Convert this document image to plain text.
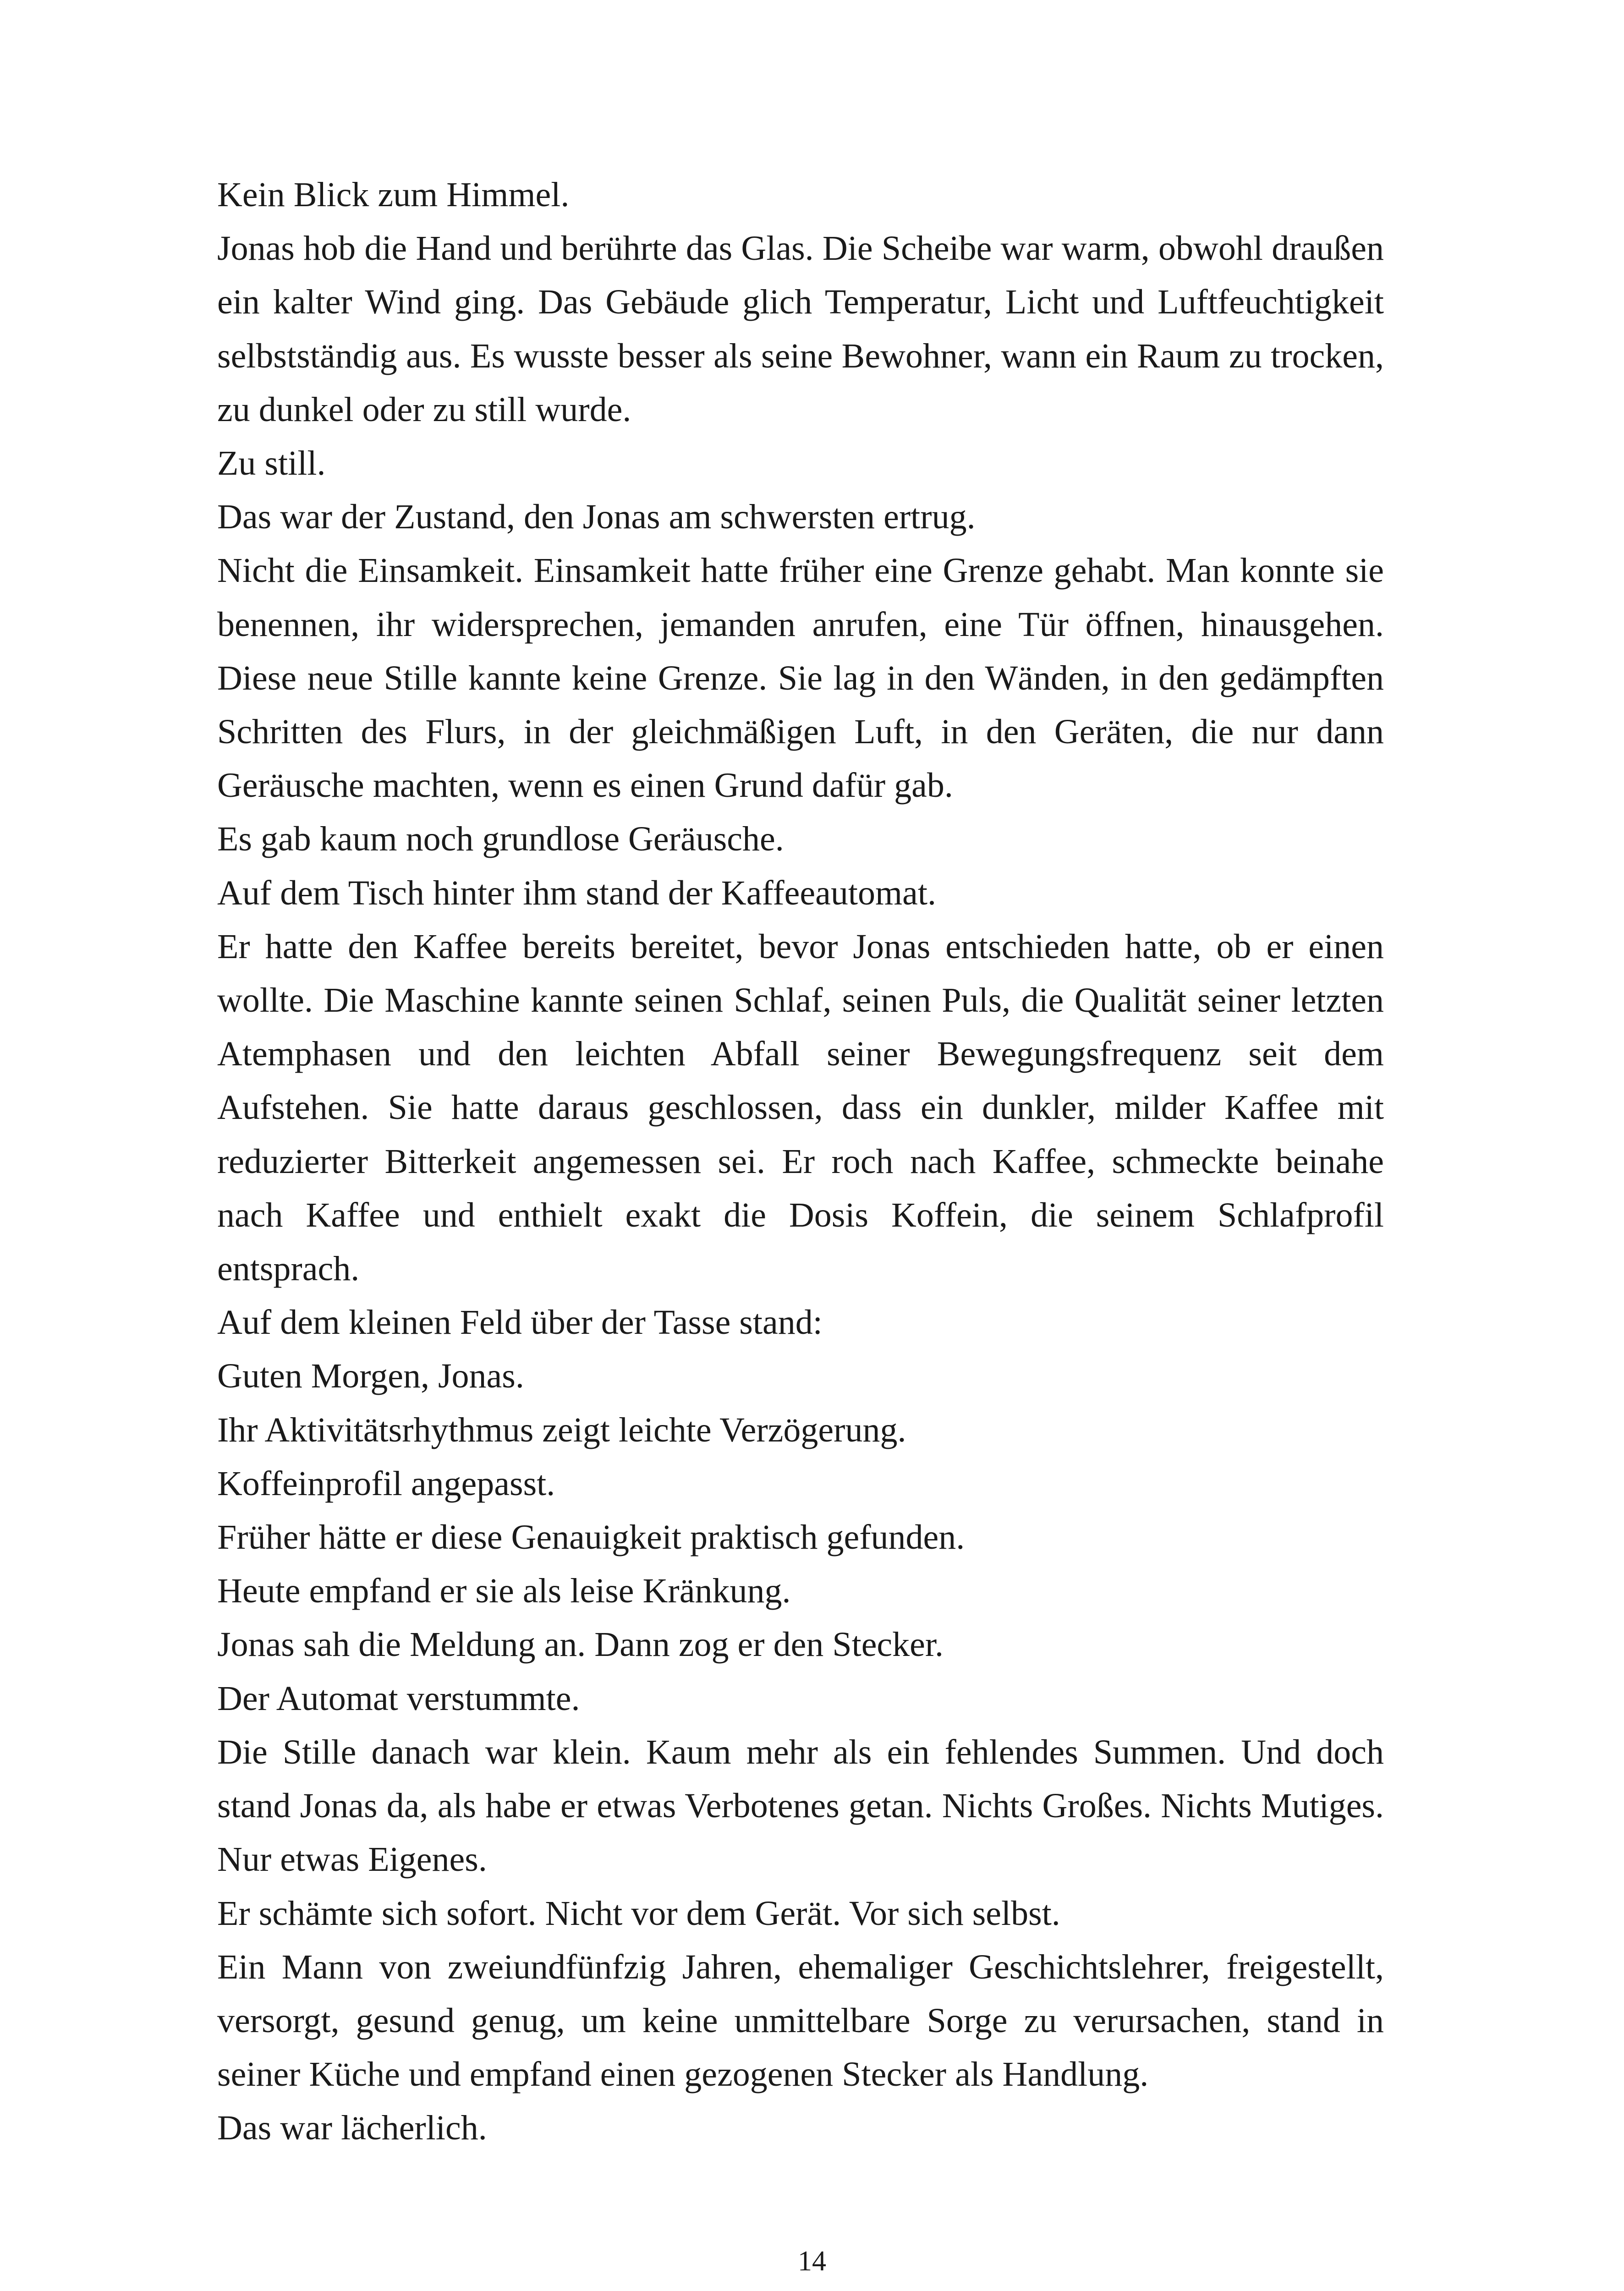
Kein Blick zum Himmel.

Jonas hob die Hand und berührte das Glas. Die Scheibe war warm, obwohl draußen ein kalter Wind ging. Das Gebäude glich Temperatur, Licht und Luftfeuchtigkeit selbstständig aus. Es wusste besser als seine Bewohner, wann ein Raum zu trocken, zu dunkel oder zu still wurde.

Zu still.

Das war der Zustand, den Jonas am schwersten ertrug.

Nicht die Einsamkeit. Einsamkeit hatte früher eine Grenze gehabt. Man konnte sie benennen, ihr widersprechen, jemanden anrufen, eine Tür öffnen, hinausgehen. Diese neue Stille kannte keine Grenze. Sie lag in den Wänden, in den gedämpften Schritten des Flurs, in der gleichmäßigen Luft, in den Geräten, die nur dann Geräusche machten, wenn es einen Grund dafür gab.

Es gab kaum noch grundlose Geräusche.

Auf dem Tisch hinter ihm stand der Kaffeeautomat.

Er hatte den Kaffee bereits bereitet, bevor Jonas entschieden hatte, ob er einen wollte. Die Maschine kannte seinen Schlaf, seinen Puls, die Qualität seiner letzten Atemphasen und den leichten Abfall seiner Bewegungsfrequenz seit dem Aufstehen. Sie hatte daraus geschlossen, dass ein dunkler, milder Kaffee mit reduzierter Bitterkeit angemessen sei. Er roch nach Kaffee, schmeckte beinahe nach Kaffee und enthielt exakt die Dosis Koffein, die seinem Schlafprofil entsprach.

Auf dem kleinen Feld über der Tasse stand:

Guten Morgen, Jonas.

Ihr Aktivitätsrhythmus zeigt leichte Verzögerung.

Koffeinprofil angepasst.

Früher hätte er diese Genauigkeit praktisch gefunden.

Heute empfand er sie als leise Kränkung.

Jonas sah die Meldung an. Dann zog er den Stecker.

Der Automat verstummte.

Die Stille danach war klein. Kaum mehr als ein fehlendes Summen. Und doch stand Jonas da, als habe er etwas Verbotenes getan. Nichts Großes. Nichts Mutiges. Nur etwas Eigenes.

Er schämte sich sofort. Nicht vor dem Gerät. Vor sich selbst.

Ein Mann von zweiundfünfzig Jahren, ehemaliger Geschichtslehrer, freigestellt, versorgt, gesund genug, um keine unmittelbare Sorge zu verursachen, stand in seiner Küche und empfand einen gezogenen Stecker als Handlung.

Das war lächerlich.

14
